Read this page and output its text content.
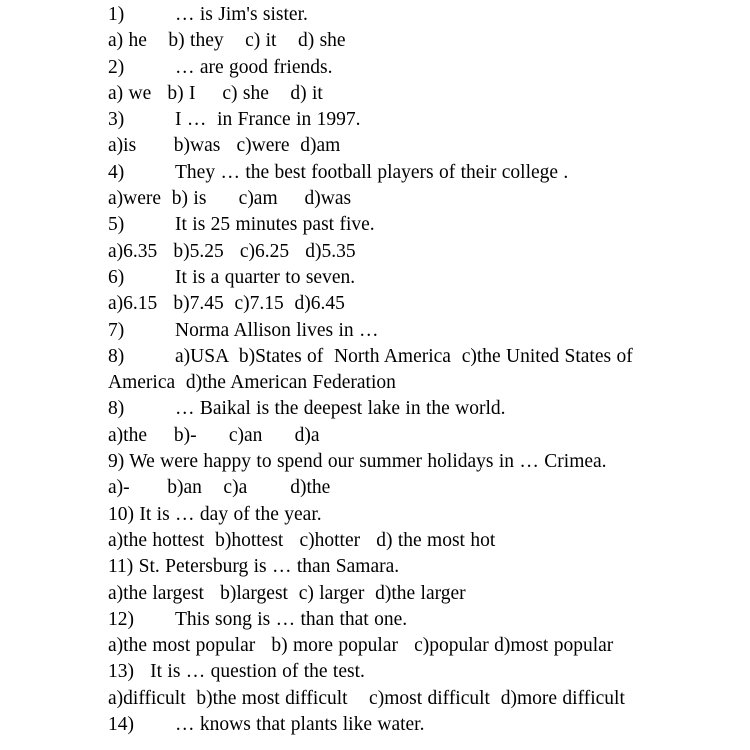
1)	… is Jim's sister.
a) he    b) they    c) it    d) she
2)	… are good friends.
a) we   b) I     c) she    d) it
3)	I …  in France in 1997.
a)is       b)was   c)were  d)am
4)	They … the best football players of their college .
a)were  b) is      c)am     d)was
5)	It is 25 minutes past five.
a)6.35   b)5.25   c)6.25   d)5.35
6)	It is a quarter to seven.
a)6.15   b)7.45  c)7.15  d)6.45
7)	Norma Allison lives in …
8)	a)USA  b)States of  North America  c)the United States of America  d)the American Federation
8)	… Baikal is the deepest lake in the world.
a)the     b)-      c)an      d)a
9) We were happy to spend our summer holidays in … Crimea.
a)-       b)an    c)a        d)the
10) It is … day of the year.
a)the hottest  b)hottest   c)hotter   d) the most hot
11) St. Petersburg is … than Samara.
a)the largest   b)largest  c) larger  d)the larger
12)	This song is … than that one.
a)the most popular   b) more popular   c)popular d)most popular
13)   It is … question of the test.
a)difficult  b)the most difficult    c)most difficult  d)more difficult
14)	… knows that plants like water.
